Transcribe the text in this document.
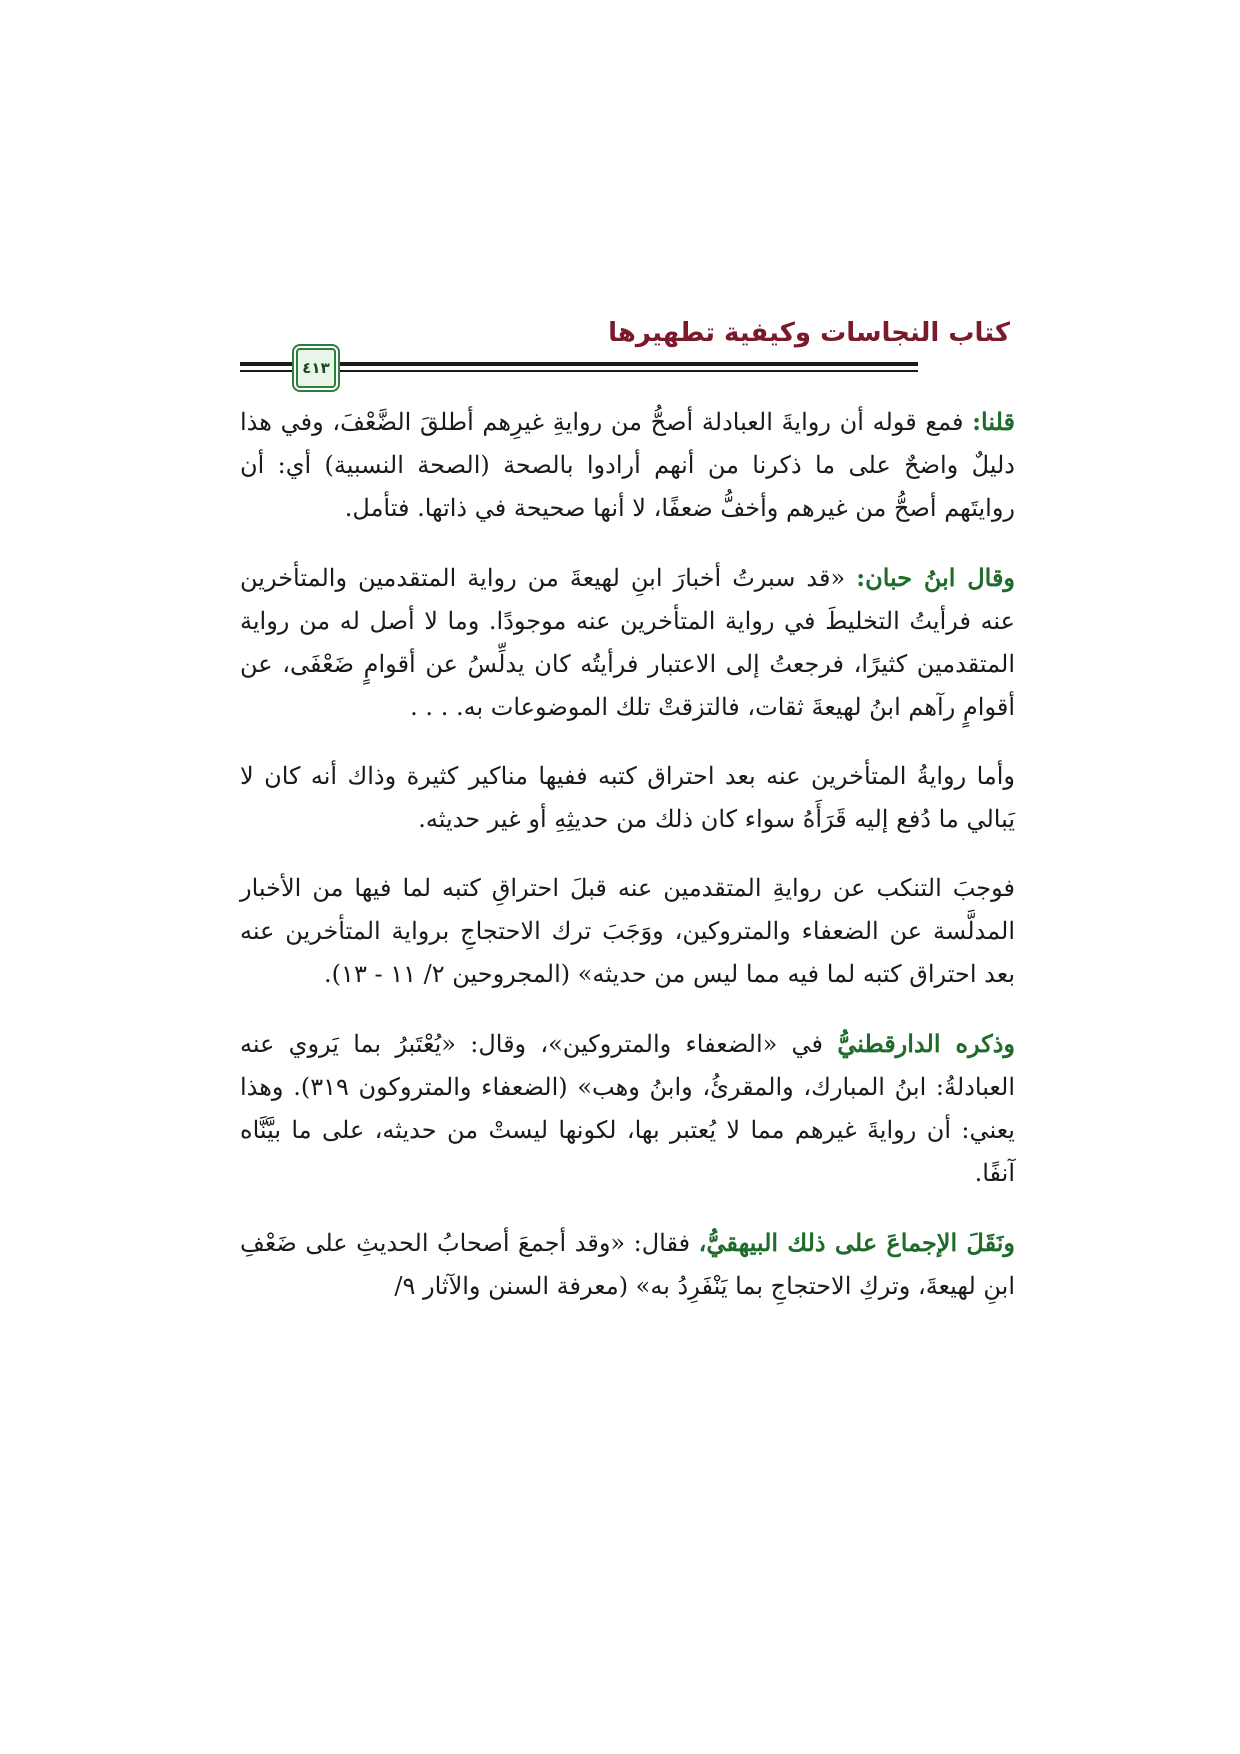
كتاب النجاسات وكيفية تطهيرها
٤١٣

قلنا: فمع قوله أن روايةَ العبادلة أصحُّ من روايةِ غيرِهم أطلقَ الضَّعْفَ، وفي هذا دليلٌ واضحٌ على ما ذكرنا من أنهم أرادوا بالصحة (الصحة النسبية) أي: أن روايتَهم أصحُّ من غيرهم وأخفُّ ضعفًا، لا أنها صحيحة في ذاتها. فتأمل.

وقال ابنُ حبان: «قد سبرتُ أخبارَ ابنِ لهيعةَ من رواية المتقدمين والمتأخرين عنه فرأيتُ التخليطَ في رواية المتأخرين عنه موجودًا. وما لا أصل له من رواية المتقدمين كثيرًا، فرجعتُ إلى الاعتبار فرأيتُه كان يدلِّسُ عن أقوامٍ ضَعْفَى، عن أقوامٍ رآهم ابنُ لهيعةَ ثقات، فالتزقتْ تلك الموضوعات به. . . .

وأما روايةُ المتأخرين عنه بعد احتراق كتبه ففيها مناكير كثيرة وذاك أنه كان لا يَبالي ما دُفع إليه قَرَأَهُ سواء كان ذلك من حديثِهِ أو غير حديثه.

فوجبَ التنكب عن روايةِ المتقدمين عنه قبلَ احتراقِ كتبه لما فيها من الأخبار المدلَّسة عن الضعفاء والمتروكين، ووَجَبَ ترك الاحتجاجِ برواية المتأخرين عنه بعد احتراق كتبه لما فيه مما ليس من حديثه» (المجروحين ٢/ ١١ - ١٣).

وذكره الدارقطنيُّ في «الضعفاء والمتروكين»، وقال: «يُعْتَبرُ بما يَروي عنه العبادلةُ: ابنُ المبارك، والمقرئُ، وابنُ وهب» (الضعفاء والمتروكون ٣١٩). وهذا يعني: أن روايةَ غيرهم مما لا يُعتبر بها، لكونها ليستْ من حديثه، على ما بيَّنَّاه آنفًا.

ونَقَلَ الإجماعَ على ذلك البيهقيُّ، فقال: «وقد أجمعَ أصحابُ الحديثِ على ضَعْفِ ابنِ لهيعةَ، وتركِ الاحتجاجِ بما يَنْفَرِدُ به» (معرفة السنن والآثار ٩/
